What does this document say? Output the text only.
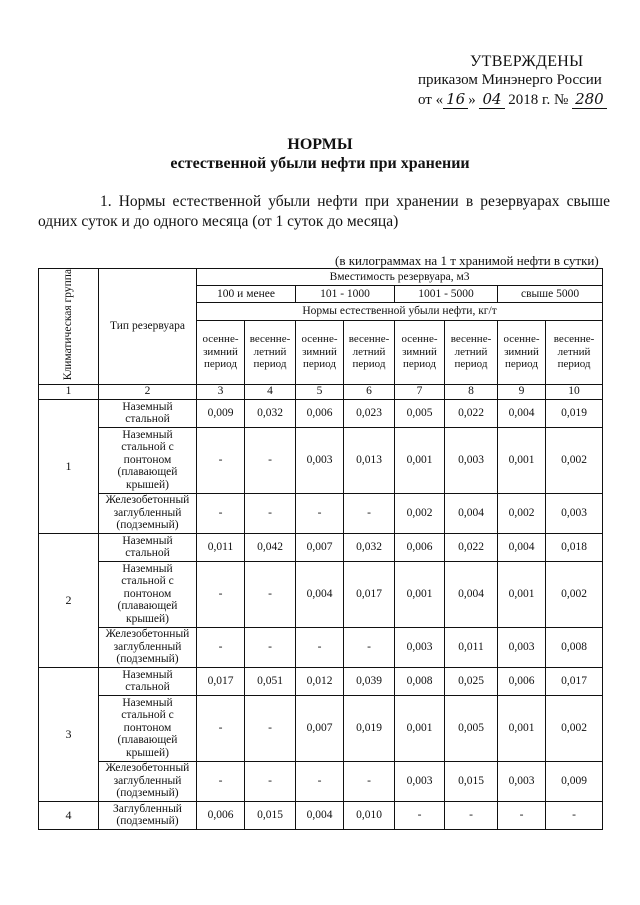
УТВЕРЖДЕНЫ
приказом Минэнерго России
от « 16 » 04 2018 г. № 280
НОРМЫ
естественной убыли нефти при хранении
1. Нормы естественной убыли нефти при хранении в резервуарах свыше одних суток и до одного месяца (от 1 суток до месяца)
(в килограммах на 1 т хранимой нефти в сутки)
Климатическая группа	Тип резервуара	Вместимость резервуара, м3							
		100 и менее		101 - 1000		1001 - 5000		свыше 5000	
		Нормы естественной убыли нефти, кг/т							
		осенне-зимний период	весенне-летний период	осенне-зимний период	весенне-летний период	осенне-зимний период	весенне-летний период	осенне-зимний период	весенне-летний период
1	2	3	4	5	6	7	8	9	10
1	Наземный стальной	0,009	0,032	0,006	0,023	0,005	0,022	0,004	0,019
	Наземный стальной с понтоном (плавающей крышей)	-	-	0,003	0,013	0,001	0,003	0,001	0,002
	Железобетонный заглубленный (подземный)	-	-	-	-	0,002	0,004	0,002	0,003
2	Наземный стальной	0,011	0,042	0,007	0,032	0,006	0,022	0,004	0,018
	Наземный стальной с понтоном (плавающей крышей)	-	-	0,004	0,017	0,001	0,004	0,001	0,002
	Железобетонный заглубленный (подземный)	-	-	-	-	0,003	0,011	0,003	0,008
3	Наземный стальной	0,017	0,051	0,012	0,039	0,008	0,025	0,006	0,017
	Наземный стальной с понтоном (плавающей крышей)	-	-	0,007	0,019	0,001	0,005	0,001	0,002
	Железобетонный заглубленный (подземный)	-	-	-	-	0,003	0,015	0,003	0,009
4	Заглубленный (подземный)	0,006	0,015	0,004	0,010	-	-	-	-
